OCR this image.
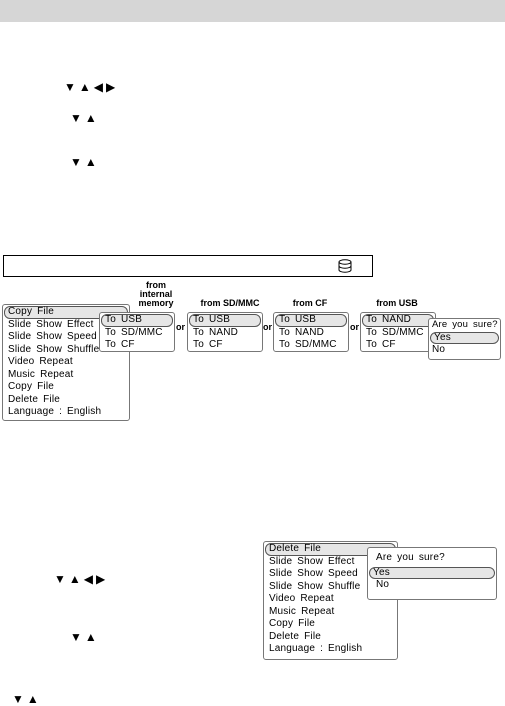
▼▲◀▶
▼▲
▼▲
Copy File
Slide Show Effect
Slide Show Speed
Slide Show Shuffle
Video Repeat
Music Repeat
Copy File
Delete File
Language : English
from
internal
memory	from SD/MMC	from CF	from USB
To USB
To SD/MMC
To CF
To USB
To NAND
To CF
To USB
To NAND
To SD/MMC
To NAND
To SD/MMC
To CF
or	or	or	Are you sure?
Yes
No
▼▲◀▶
▼▲
▼▲
Delete File
Slide Show Effect
Slide Show Speed
Slide Show Shuffle
Video Repeat
Music Repeat
Copy File
Delete File
Language : English
Are you sure?
Yes
No
